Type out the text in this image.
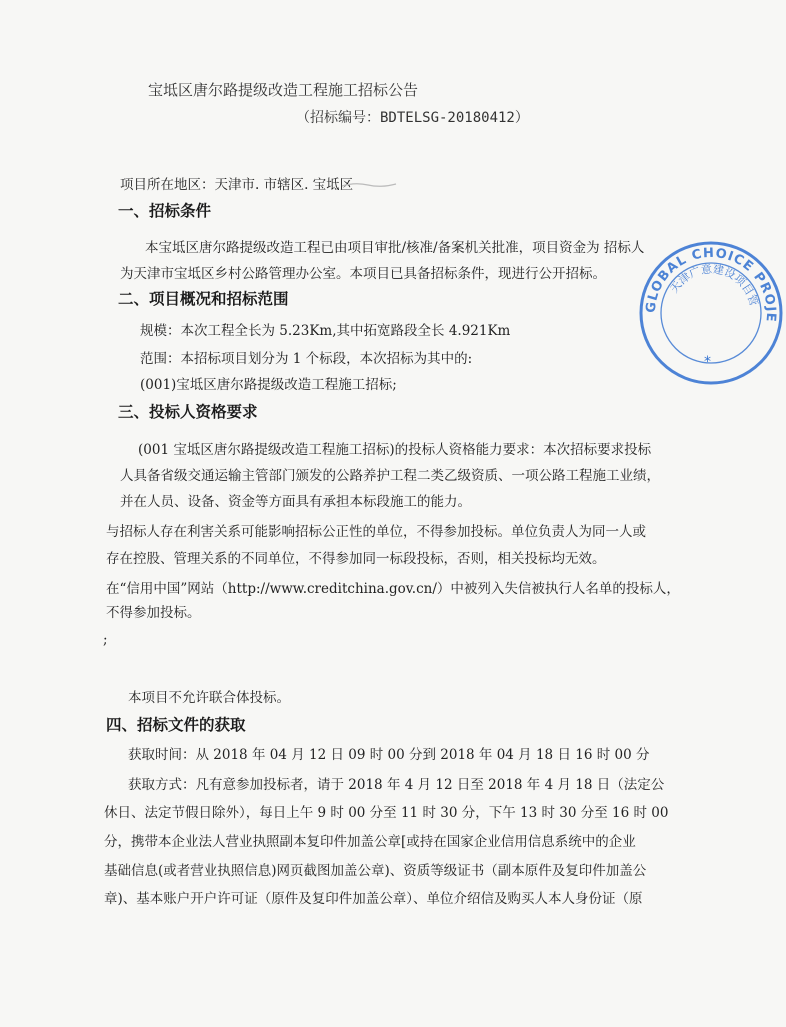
宝坻区唐尔路提级改造工程施工招标公告
（招标编号：BDTELSG-20180412）
项目所在地区：天津市. 市辖区. 宝坻区
一、招标条件
本宝坻区唐尔路提级改造工程已由项目审批/核准/备案机关批准，项目资金为 招标人
为天津市宝坻区乡村公路管理办公室。本项目已具备招标条件，现进行公开招标。
二、项目概况和招标范围
规模：本次工程全长为 5.23Km,其中拓宽路段全长 4.921Km
范围：本招标项目划分为 1 个标段，本次招标为其中的:
(001)宝坻区唐尔路提级改造工程施工招标;
三、投标人资格要求
(001 宝坻区唐尔路提级改造工程施工招标)的投标人资格能力要求：本次招标要求投标
人具备省级交通运输主管部门颁发的公路养护工程二类乙级资质、一项公路工程施工业绩，
并在人员、设备、资金等方面具有承担本标段施工的能力。
与招标人存在利害关系可能影响招标公正性的单位，不得参加投标。单位负责人为同一人或
存在控股、管理关系的不同单位，不得参加同一标段投标，否则，相关投标均无效。
在“信用中国”网站（http://www.creditchina.gov.cn/）中被列入失信被执行人名单的投标人，
不得参加投标。
;
本项目不允许联合体投标。
四、招标文件的获取
获取时间：从 2018 年 04 月 12 日 09 时 00 分到 2018 年 04 月 18 日 16 时 00 分
获取方式：凡有意参加投标者，请于 2018 年 4 月 12 日至 2018 年 4 月 18 日（法定公
休日、法定节假日除外），每日上午 9 时 00 分至 11 时 30 分，下午 13 时 30 分至 16 时 00
分，携带本企业法人营业执照副本复印件加盖公章[或持在国家企业信用信息系统中的企业
基础信息(或者营业执照信息)网页截图加盖公章)、资质等级证书（副本原件及复印件加盖公
章)、基本账户开户许可证（原件及复印件加盖公章）、单位介绍信及购买人本人身份证（原
GLOBAL CHOICE PROJE
天津广意建设项目管
*
